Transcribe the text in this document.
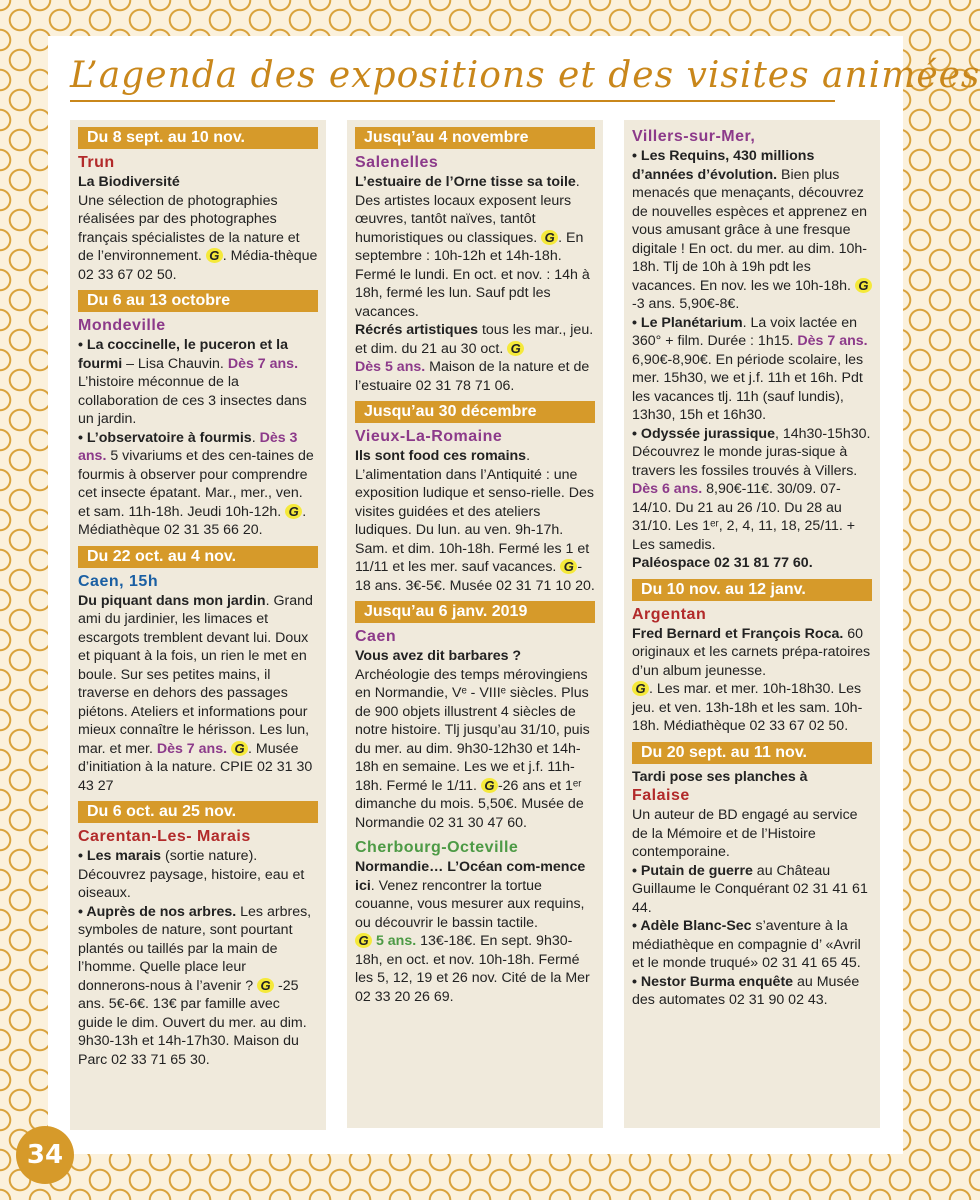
L’agenda des expositions et des visites animées
Du 8 sept. au 10 nov.
Trun

La Biodiversité
Une sélection de photographies réalisées par des photographes français spécialistes de la nature et de l’environnement. G . Média-thèque 02 33 67 02 50.

Du 6 au 13 octobre
Mondeville

• La coccinelle, le puceron et la fourmi – Lisa Chauvin. Dès 7 ans. L’histoire méconnue de la collaboration de ces 3 insectes dans un jardin.

• L’observatoire à fourmis. Dès 3 ans. 5 vivariums et des cen-taines de fourmis à observer pour comprendre cet insecte épatant. Mar., mer., ven. et sam. 11h-18h. Jeudi 10h-12h. G . Médiathèque 02 31 35 66 20.

Du 22 oct. au 4 nov.
Caen, 15h

Du piquant dans mon jardin. Grand ami du jardinier, les limaces et escargots tremblent devant lui. Doux et piquant à la fois, un rien le met en boule. Sur ses petites mains, il traverse en dehors des passages piétons. Ateliers et informations pour mieux connaître le hérisson. Les lun, mar. et mer. Dès 7 ans. G . Musée d’initiation à la nature. CPIE 02 31 30 43 27

Du 6 oct. au 25 nov.
Carentan-Les- Marais

• Les marais (sortie nature). Découvrez paysage, histoire, eau et oiseaux.

• Auprès de nos arbres. Les arbres, symboles de nature, sont pourtant plantés ou taillés par la main de l’homme. Quelle place leur donnerons-nous à l’avenir ? G -25 ans. 5€-6€. 13€ par famille avec guide le dim. Ouvert du mer. au dim. 9h30-13h et 14h-17h30. Maison du Parc 02 33 71 65 30.

Jusqu’au 4 novembre
Salenelles

L’estuaire de l’Orne tisse sa toile. Des artistes locaux exposent leurs œuvres, tantôt naïves, tantôt humoristiques ou classiques. G . En septembre : 10h-12h et 14h-18h. Fermé le lundi. En oct. et nov. : 14h à 18h, fermé les lun. Sauf pdt les vacances.

Récrés artistiques tous les mar., jeu. et dim. du 21 au 30 oct. G
Dès 5 ans. Maison de la nature et de l’estuaire 02 31 78 71 06.

Jusqu’au 30 décembre
Vieux-La-Romaine

Ils sont food ces romains. L’alimentation dans l’Antiquité : une exposition ludique et senso-rielle. Des visites guidées et des ateliers ludiques. Du lun. au ven. 9h-17h. Sam. et dim. 10h-18h. Fermé les 1 et 11/11 et les mer. sauf vacances. G - 18 ans. 3€-5€. Musée 02 31 71 10 20.

Jusqu’au 6 janv. 2019
Caen

Vous avez dit barbares ? Archéologie des temps mérovingiens en Normandie, Vᵉ - VIIIᵉ siècles. Plus de 900 objets illustrent 4 siècles de notre histoire. Tlj jusqu’au 31/10, puis du mer. au dim. 9h30-12h30 et 14h-18h en semaine. Les we et j.f. 11h-18h. Fermé le 1/11. G -26 ans et 1ᵉʳ dimanche du mois. 5,50€. Musée de Normandie 02 31 30 47 60.

Cherbourg-Octeville

Normandie… L’Océan com-mence ici. Venez rencontrer la tortue couanne, vous mesurer aux requins, ou découvrir le bassin tactile.
G 5 ans. 13€-18€. En sept. 9h30-18h, en oct. et nov. 10h-18h. Fermé les 5, 12, 19 et 26 nov. Cité de la Mer 02 33 20 26 69.

Villers-sur-Mer,

• Les Requins, 430 millions d’années d’évolution. Bien plus menacés que menaçants, découvrez de nouvelles espèces et apprenez en vous amusant grâce à une fresque digitale ! En oct. du mer. au dim. 10h-18h. Tlj de 10h à 19h pdt les vacances. En nov. les we 10h-18h. G-3 ans. 5,90€-8€.

• Le Planétarium. La voix lactée en 360° + film. Durée : 1h15. Dès 7 ans. 6,90€-8,90€. En période scolaire, les mer. 15h30, we et j.f. 11h et 16h. Pdt les vacances tlj. 11h (sauf lundis), 13h30, 15h et 16h30.

• Odyssée jurassique, 14h30-15h30. Découvrez le monde juras-sique à travers les fossiles trouvés à Villers. Dès 6 ans. 8,90€-11€. 30/09. 07-14/10. Du 21 au 26 /10. Du 28 au 31/10. Les 1ᵉʳ, 2, 4, 11, 18, 25/11. + Les samedis.
Paléospace 02 31 81 77 60.

Du 10 nov. au 12 janv.
Argentan

Fred Bernard et François Roca. 60 originaux et les carnets prépa-ratoires d’un album jeunesse.
G . Les mar. et mer. 10h-18h30. Les jeu. et ven. 13h-18h et les sam. 10h-18h. Médiathèque 02 33 67 02 50.

Du 20 sept. au 11 nov.

Tardi pose ses planches à

Falaise

Un auteur de BD engagé au service de la Mémoire et de l’Histoire contemporaine.

• Putain de guerre au Château Guillaume le Conquérant 02 31 41 61 44.

• Adèle Blanc-Sec s’aventure à la médiathèque en compagnie d’ «Avril et le monde truqué» 02 31 41 65 45.

• Nestor Burma enquête au Musée des automates 02 31 90 02 43.

34
